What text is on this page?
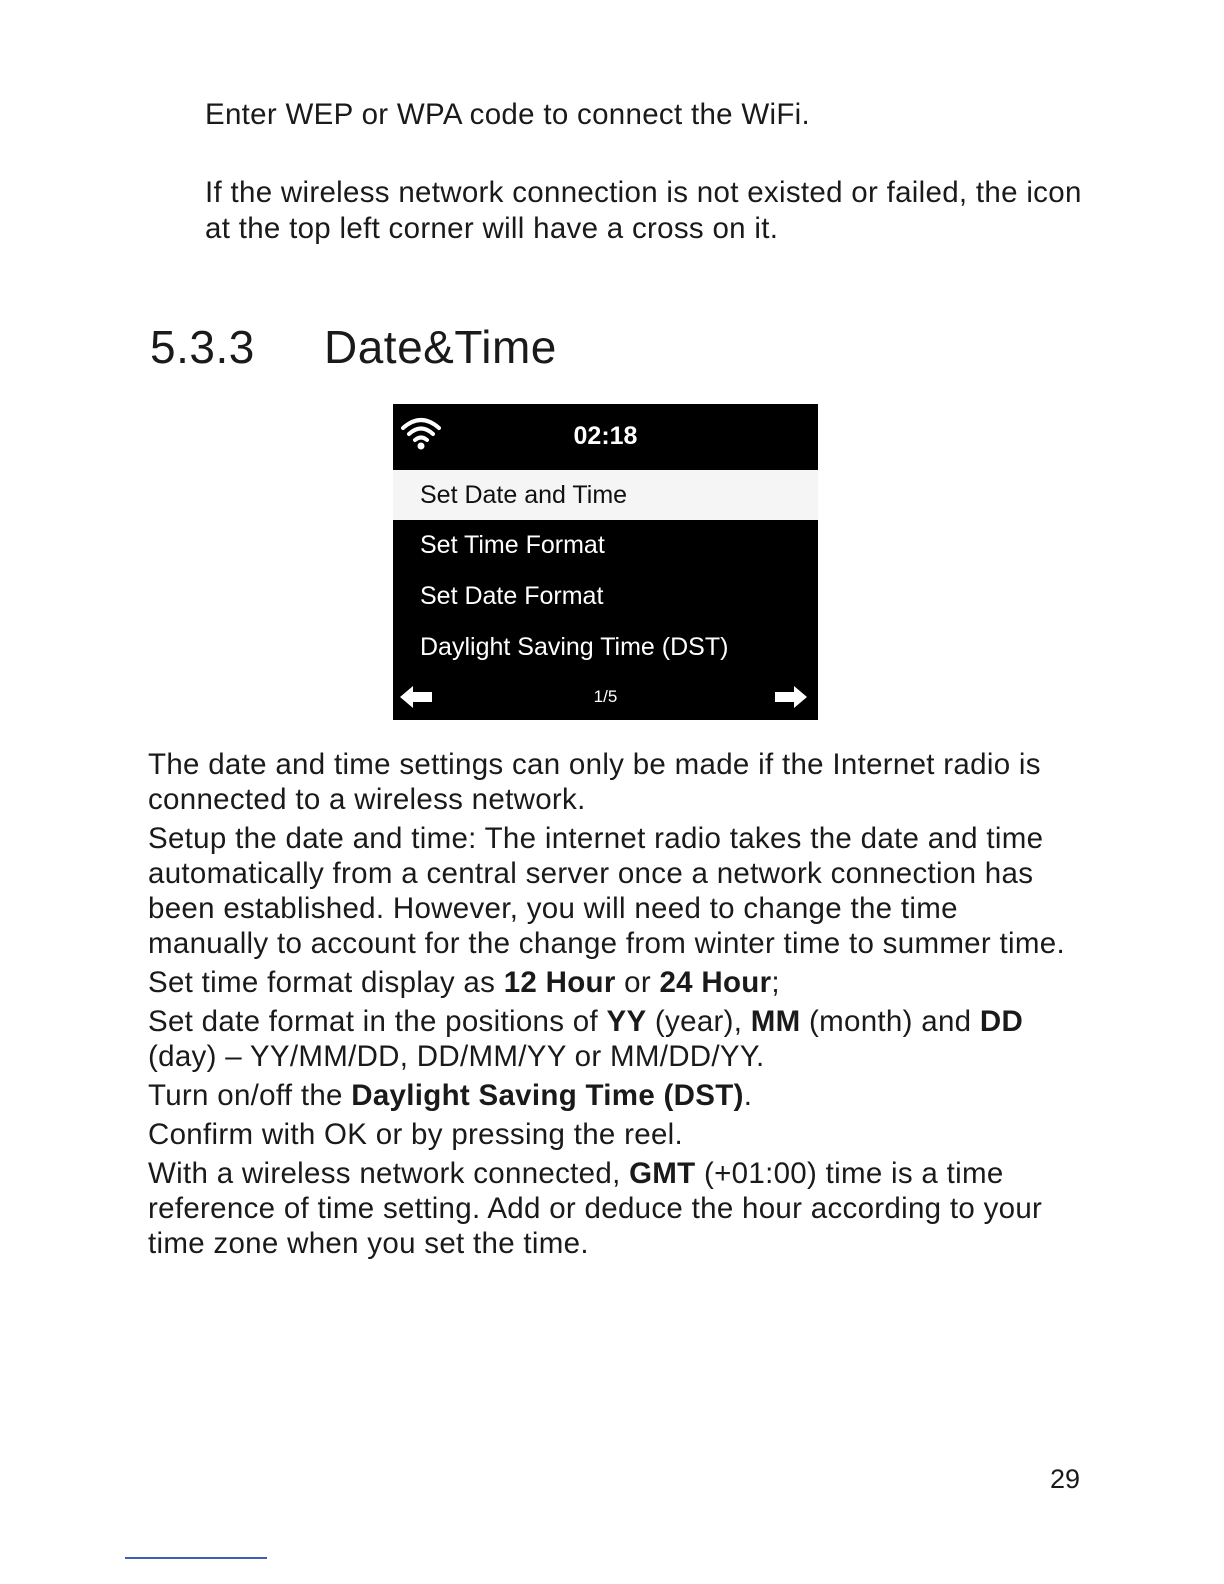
Enter WEP or WPA code to connect the WiFi.

If the wireless network connection is not existed or failed, the icon at the top left corner will have a cross on it.

5.3.3 Date&Time
02:18
Set Date and Time
Set Time Format
Set Date Format
Daylight Saving Time (DST)
1/5

The date and time settings can only be made if the Internet radio is connected to a wireless network.

Setup the date and time: The internet radio takes the date and time automatically from a central server once a network connection has been established. However, you will need to change the time manually to account for the change from winter time to summer time.

Set time format display as 12 Hour or 24 Hour;

Set date format in the positions of YY (year), MM (month) and DD (day) – YY/MM/DD, DD/MM/YY or MM/DD/YY.

Turn on/off the Daylight Saving Time (DST).

Confirm with OK or by pressing the reel.

With a wireless network connected, GMT (+01:00) time is a time reference of time setting. Add or deduce the hour according to your time zone when you set the time.

29
